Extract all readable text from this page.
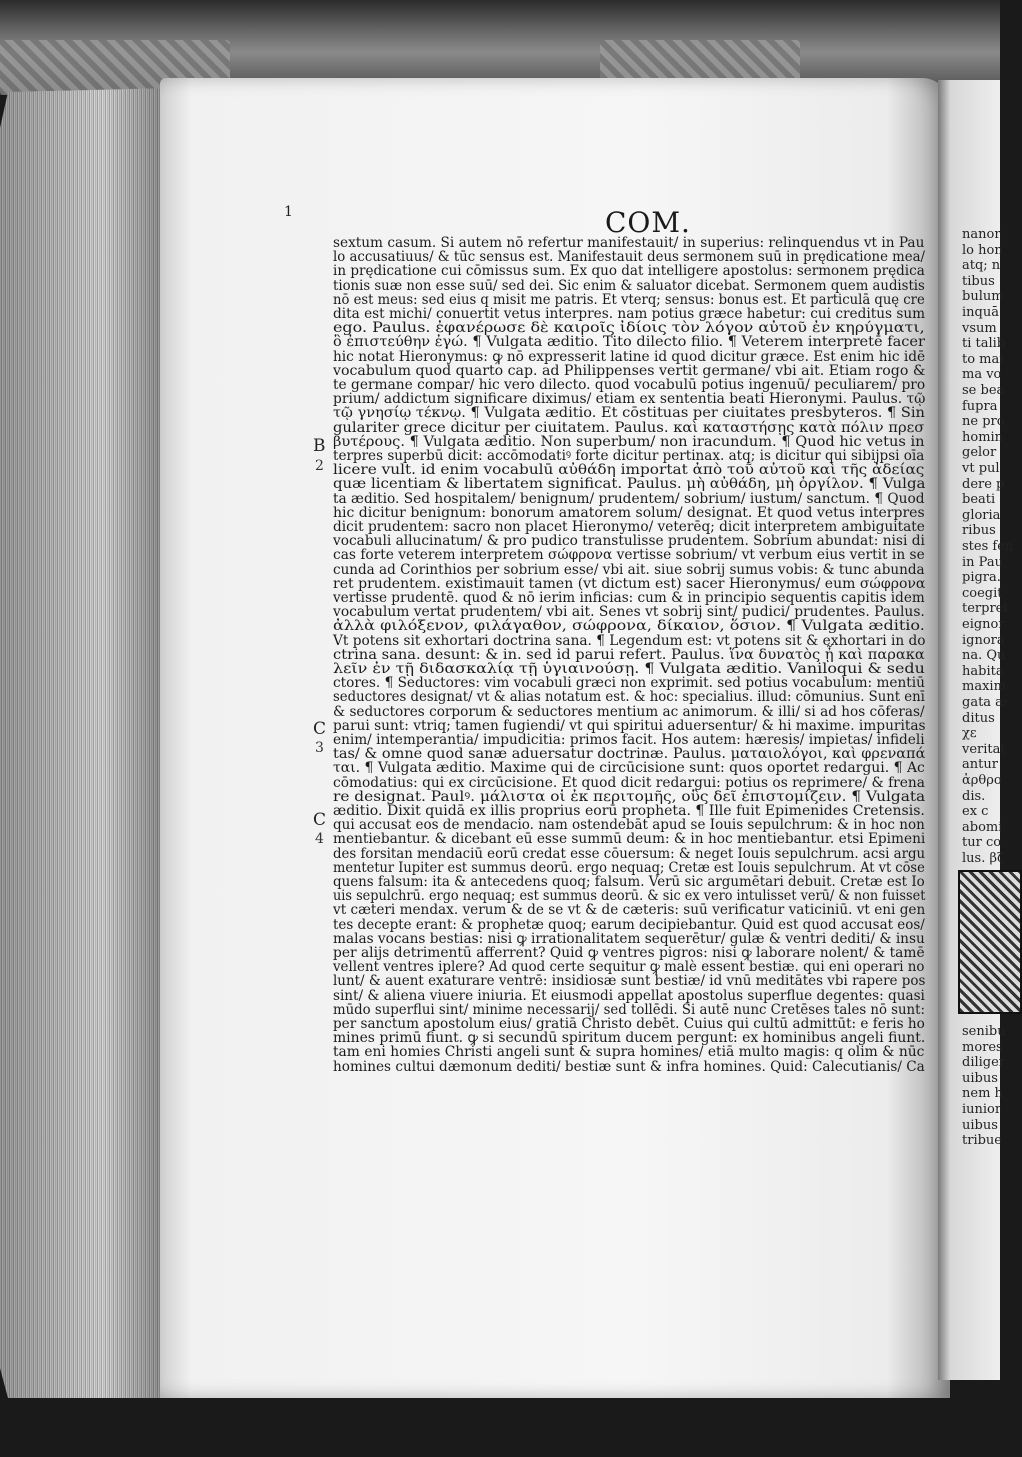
nanor
lo hon
atq; n
tibus
bulum
inquā
vsum
ti talib
to mai
ma vo
se bea
fupra
ne pro
homin
gelor
vt pul
dere p
beati
gloria
ribus
stes fen
in Pau
pigra.
coegit
terpret
eignor
ignora
na. Qu
habita
maxim
gata æ
ditus
χε
veritat
antur
ἀρθρο
dis.
ex c
abomi
tur co
lus. βζ
senibu
mores
diliger
uibus
nem h
iunior
uibus
tribue
1	COM.
sextum casum. Si autem nō refertur manifestauit/ in superius: relinquendus vt in Pau
lo accusatiuus/ & tūc sensus est. Manifestauit deus sermonem suū in prędicatione mea/
in prędicatione cui cōmissus sum. Ex quo dat intelligere apostolus: sermonem prędica
tionis suæ non esse suū/ sed dei. Sic enim & saluator dicebat. Sermonem quem audistis
nō est meus: sed eius q misit me patris. Et vterq; sensus: bonus est. Et particulā quę cre
dita est michi/ conuertit vetus interpres. nam potius græce habetur: cui creditus sum
ego. Paulus. ἐφανέρωσε δὲ καιροῖς ἰδίοις τὸν λόγον αὐτοῦ ἐν κηρύγματι,
ὃ ἐπιστεύθην ἐγώ. ¶ Vulgata æditio. Tito dilecto filio. ¶ Veterem interpretē facer
hic notat Hieronymus: ꝙ nō expresserit latine id quod dicitur græce. Est enim hic idē
vocabulum quod quarto cap. ad Philippenses vertit germane/ vbi ait. Etiam rogo &
te germane compar/ hic vero dilecto. quod vocabulū potius ingenuū/ peculiarem/ pro
prium/ addictum significare diximus/ etiam ex sententia beati Hieronymi. Paulus. τῷ
τῷ γνησίῳ τέκνῳ. ¶ Vulgata æditio. Et cōstituas per ciuitates presbyteros. ¶ Sin
gulariter grece dicitur per ciuitatem. Paulus. καὶ καταστήσῃς κατὰ πόλιν πρεσ
βυτέρους. ¶ Vulgata æditio. Non superbum/ non iracundum. ¶ Quod hic vetus in
terpres superbū dicit: accōmodatiꝰ forte dicitur pertinax. atq; is dicitur qui sibijpsi oīa
licere vult. id enim vocabulū αὐθάδη importat ἀπὸ τοῦ αὐτοῦ καὶ τῆς ἀδείας
quæ licentiam & libertatem significat. Paulus. μὴ αὐθάδη, μὴ ὀργίλον. ¶ Vulga
ta æditio. Sed hospitalem/ benignum/ prudentem/ sobrium/ iustum/ sanctum. ¶ Quod
hic dicitur benignum: bonorum amatorem solum/ designat. Et quod vetus interpres
dicit prudentem: sacro non placet Hieronymo/ veterēq; dicit interpretem ambiguitate
vocabuli allucinatum/ & pro pudico transtulisse prudentem. Sobrium abundat: nisi di
cas forte veterem interpretem σώφρονα vertisse sobrium/ vt verbum eius vertit in se
cunda ad Corinthios per sobrium esse/ vbi ait. siue sobrij sumus vobis: & tunc abunda
ret prudentem. existimauit tamen (vt dictum est) sacer Hieronymus/ eum σώφρονα
vertisse prudentē. quod & nō ierim inficias: cum & in principio sequentis capitis idem
vocabulum vertat prudentem/ vbi ait. Senes vt sobrij sint/ pudici/ prudentes. Paulus.
ἀλλὰ φιλόξενον, φιλάγαθον, σώφρονα, δίκαιον, ὅσιον. ¶ Vulgata æditio.
Vt potens sit exhortari doctrina sana. ¶ Legendum est: vt potens sit & exhortari in do
ctrina sana. desunt: & in. sed id parui refert. Paulus. ἵνα δυνατὸς ᾖ καὶ παρακα
λεῖν ἐν τῇ διδασκαλίᾳ τῇ ὑγιαινούσῃ. ¶ Vulgata æditio. Vaniloqui & sedu
ctores. ¶ Seductores: vim vocabuli græci non exprimit. sed potius vocabulum: mentiū
seductores designat/ vt & alias notatum est. & hoc: specialius. illud: cōmunius. Sunt enī
& seductores corporum & seductores mentium ac animorum. & illi/ si ad hos cōferas/
parui sunt: vtriq; tamen fugiendi/ vt qui spiritui aduersentur/ & hi maxime. impuritas
enim/ intemperantia/ impudicitia: primos facit. Hos autem: hæresis/ impietas/ infideli
tas/ & omne quod sanæ aduersatur doctrinæ. Paulus. ματαιολόγοι, καὶ φρεναπά
ται. ¶ Vulgata æditio. Maxime qui de circūcisione sunt: quos oportet redargui. ¶ Ac
cōmodatius: qui ex circūcisione. Et quod dicit redargui: potius os reprimere/ & frena
re designat. Paulꝰ. μάλιστα οἱ ἐκ περιτομῆς, οὓς δεῖ ἐπιστομίζειν. ¶ Vulgata
æditio. Dixit quidā ex illis proprius eorū propheta. ¶ Ille fuit Epimenides Cretensis.
qui accusat eos de mendacio. nam ostendebāt apud se Iouis sepulchrum: & in hoc non
mentiebantur. & dicebant eū esse summū deum: & in hoc mentiebantur. etsi Epimeni
des forsitan mendaciū eorū credat esse cōuersum: & neget Iouis sepulchrum. acsi argu
mentetur Iupiter est summus deorū. ergo nequaq; Cretæ est Iouis sepulchrum. At vt cōse
quens falsum: ita & antecedens quoq; falsum. Verū sic argumētari debuit. Cretæ est Io
uis sepulchrū. ergo nequaq; est summus deorū. & sic ex vero intulisset verū/ & non fuisset
vt cæteri mendax. verum & de se vt & de cæteris: suū verificatur vaticiniū. vt eni gen
tes decepte erant: & prophetæ quoq; earum decipiebantur. Quid est quod accusat eos/
malas vocans bestias: nisi ꝙ irrationalitatem sequerētur/ gulæ & ventri dediti/ & insu
per alijs detrimentū afferrent? Quid ꝙ ventres pigros: nisi ꝙ laborare nolent/ & tamē
vellent ventres iplere? Ad quod certe sequitur ꝙ malè essent bestiæ. qui eni operari no
lunt/ & auent exaturare ventrē: insidiosæ sunt bestiæ/ id vnū meditātes vbi rapere pos
sint/ & aliena viuere iniuria. Et eiusmodi appellat apostolus superflue degentes: quasi
mūdo superflui sint/ minime necessarij/ sed tollēdi. Si autē nunc Cretēses tales nō sunt:
per sanctum apostolum eius/ gratiā Christo debēt. Cuius qui cultū admittūt: e feris ho
mines primū fiunt. ꝙ si secundū spiritum ducem pergunt: ex hominibus angeli fiunt.
tam eni homies Christi angeli sunt & supra homines/ etiā multo magis: q olim & nūc
homines cultui dæmonum dediti/ bestiæ sunt & infra homines. Quid: Calecutianis/ Ca
B
2
C
3
C
4
